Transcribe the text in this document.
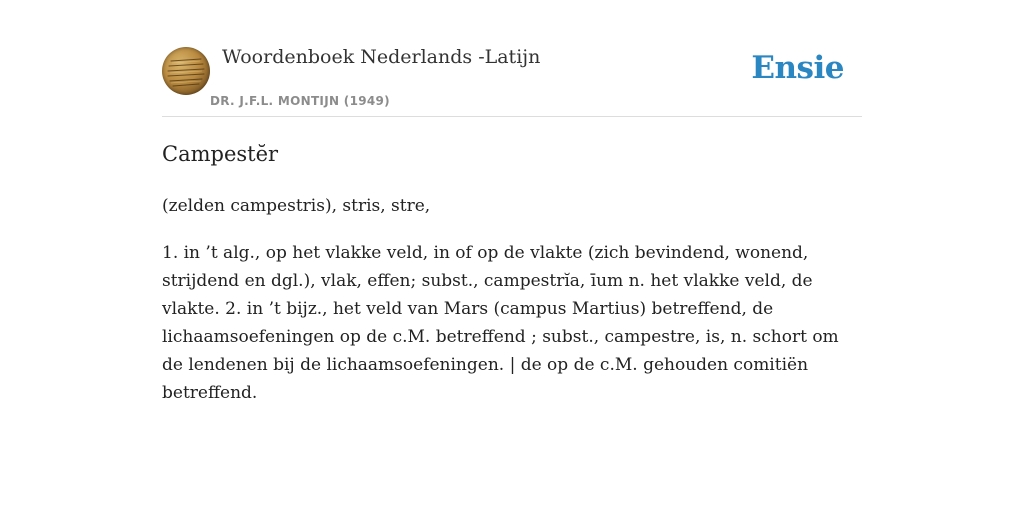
Woordenboek Nederlands -Latijn
DR. J.F.L. MONTIJN (1949)
Ensie
Campestĕr

(zelden campestris), stris, stre,

1. in ’t alg., op het vlakke veld, in of op de vlakte (zich bevindend, wonend, strijdend en dgl.), vlak, effen; subst., campestrĭa, īum n. het vlakke veld, de vlakte. 2. in ’t bijz., het veld van Mars (campus Martius) betreffend, de lichaamsoefeningen op de c.M. betreffend ; subst., campestre, is, n. schort om de lendenen bij de lichaamsoefeningen. | de op de c.M. gehouden comitiën betreffend.
